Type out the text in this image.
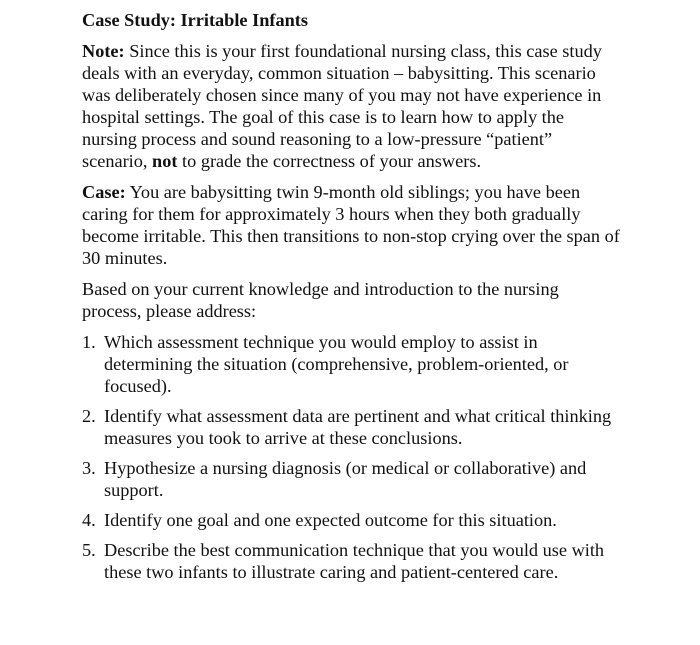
Case Study: Irritable Infants

Note: Since this is your first foundational nursing class, this case study deals with an everyday, common situation – babysitting. This scenario was deliberately chosen since many of you may not have experience in hospital settings. The goal of this case is to learn how to apply the nursing process and sound reasoning to a low-pressure “patient” scenario, not to grade the correctness of your answers.

Case: You are babysitting twin 9-month old siblings; you have been caring for them for approximately 3 hours when they both gradually become irritable. This then transitions to non-stop crying over the span of 30 minutes.

Based on your current knowledge and introduction to the nursing process, please address:

1. Which assessment technique you would employ to assist in determining the situation (comprehensive, problem-oriented, or focused).
2. Identify what assessment data are pertinent and what critical thinking measures you took to arrive at these conclusions.
3. Hypothesize a nursing diagnosis (or medical or collaborative) and support.
4. Identify one goal and one expected outcome for this situation.
5. Describe the best communication technique that you would use with these two infants to illustrate caring and patient-centered care.
